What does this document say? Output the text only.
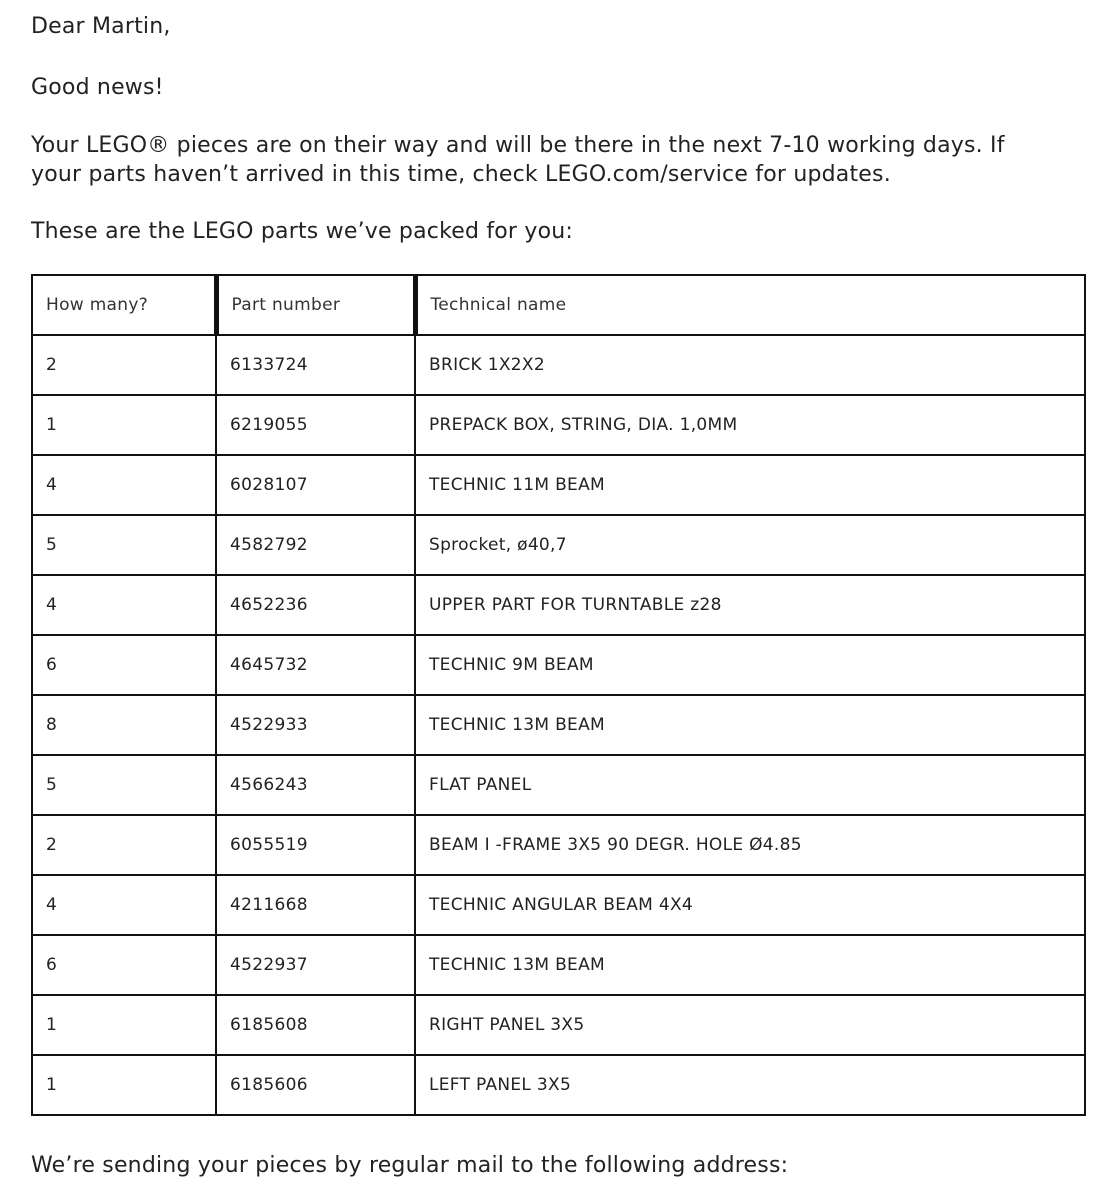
Dear Martin,

Good news!

Your LEGO® pieces are on their way and will be there in the next 7-10 working days. If
your parts haven’t arrived in this time, check LEGO.com/service for updates.

These are the LEGO parts we’ve packed for you:

How many?	Part number	Technical name
2	6133724	BRICK 1X2X2
1	6219055	PREPACK BOX, STRING, DIA. 1,0MM
4	6028107	TECHNIC 11M BEAM
5	4582792	Sprocket, ø40,7
4	4652236	UPPER PART FOR TURNTABLE z28
6	4645732	TECHNIC 9M BEAM
8	4522933	TECHNIC 13M BEAM
5	4566243	FLAT PANEL
2	6055519	BEAM I -FRAME 3X5 90 DEGR. HOLE Ø4.85
4	4211668	TECHNIC ANGULAR BEAM 4X4
6	4522937	TECHNIC 13M BEAM
1	6185608	RIGHT PANEL 3X5
1	6185606	LEFT PANEL 3X5

We’re sending your pieces by regular mail to the following address:
